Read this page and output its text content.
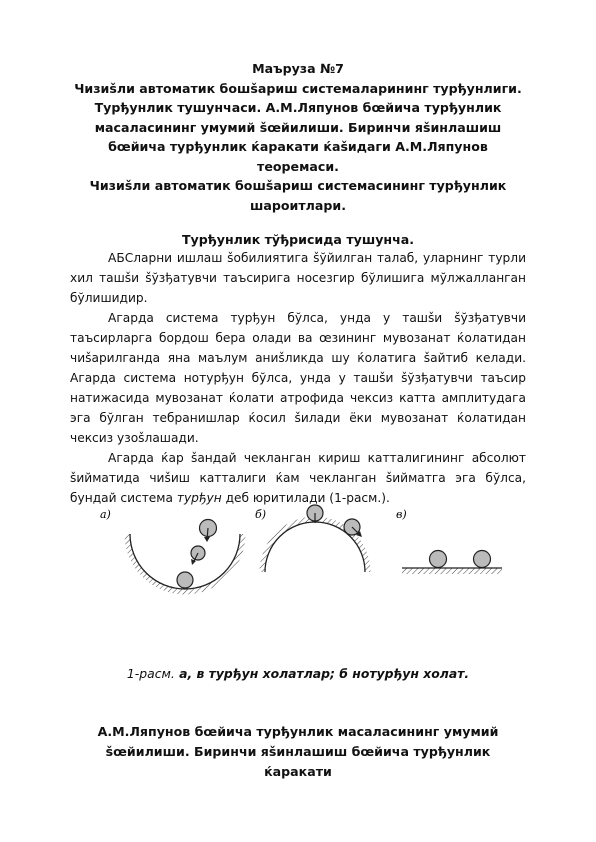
Маъруза №7
Чизиšли автоматик бошšариш системаларининг турђунлиги.
Турђунлик тушунчаси. А.М.Ляпунов бœйича турђунлик
масаласининг умумий šœйилиши. Биринчи яšинлашиш
бœйича турђунлик ќаракати ќаšидаги А.М.Ляпунов теоремаси.
Чизиšли автоматик бошšариш системасининг турђунлик
шароитлари.
Турђунлик тўђрисида тушунча.

АБСларни ишлаш šобилиятига šўйилган талаб, уларнинг турли хил ташšи šўзђатувчи таъсирига носезгир бўлишига мўлжалланган бўлишидир.

Агарда система турђун бўлса, унда у ташšи šўзђатувчи таъсирларга бордош бера олади ва œзининг мувозанат ќолатидан чиšарилганда яна маълум аниšликда шу ќолатига šайтиб келади. Агарда система нотурђун бўлса, унда у ташšи šўзђатувчи таъсир натижасида мувозанат ќолати атрофида чексиз катта амплитудага эга бўлган тебранишлар ќосил šилади ёки мувозанат ќолатидан чексиз узоšлашади.

Агарда ќар šандай чекланган кириш катталигининг абсолют šийматида чиšиш катталиги ќам чекланган šийматга эга бўлса, бундай система турђун деб юритилади (1-расм.).

а)	б)	в)
1-расм. а, в турђун холатлар; б нотурђун холат.
А.М.Ляпунов бœйича турђунлик масаласининг умумий
šœйилиши. Биринчи яšинлашиш бœйича турђунлик ќаракати
